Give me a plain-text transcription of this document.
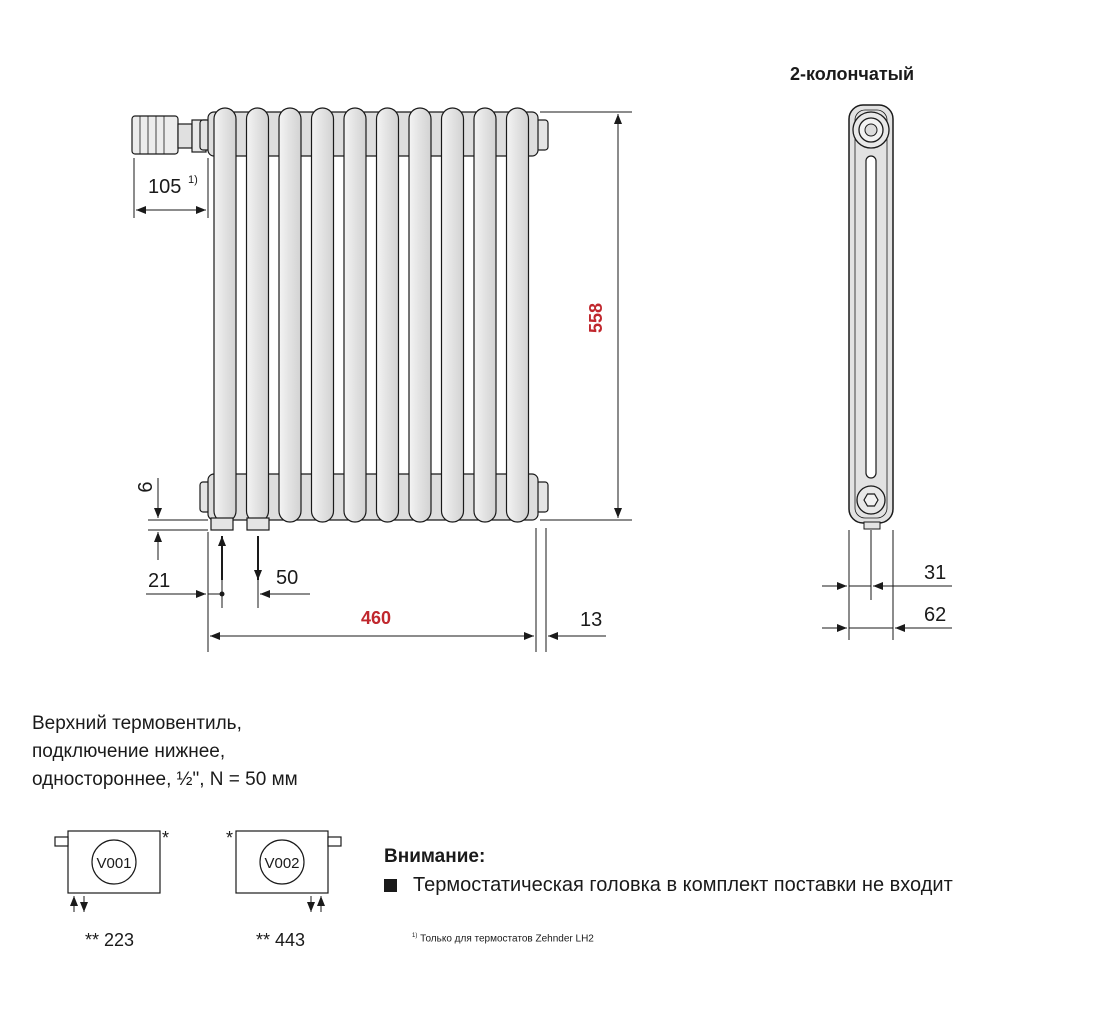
105 1)
558
6
21	50
460	13
2-колончатый
31
62
V001
*
** 223
V002
*
** 443
Верхний термовентиль,
подключение нижнее,
одностороннее, ½", N = 50 мм
Внимание:
Термостатическая головка в комплект поставки не входит
$^{1)}$ Только для термостатов Zehnder LH2
